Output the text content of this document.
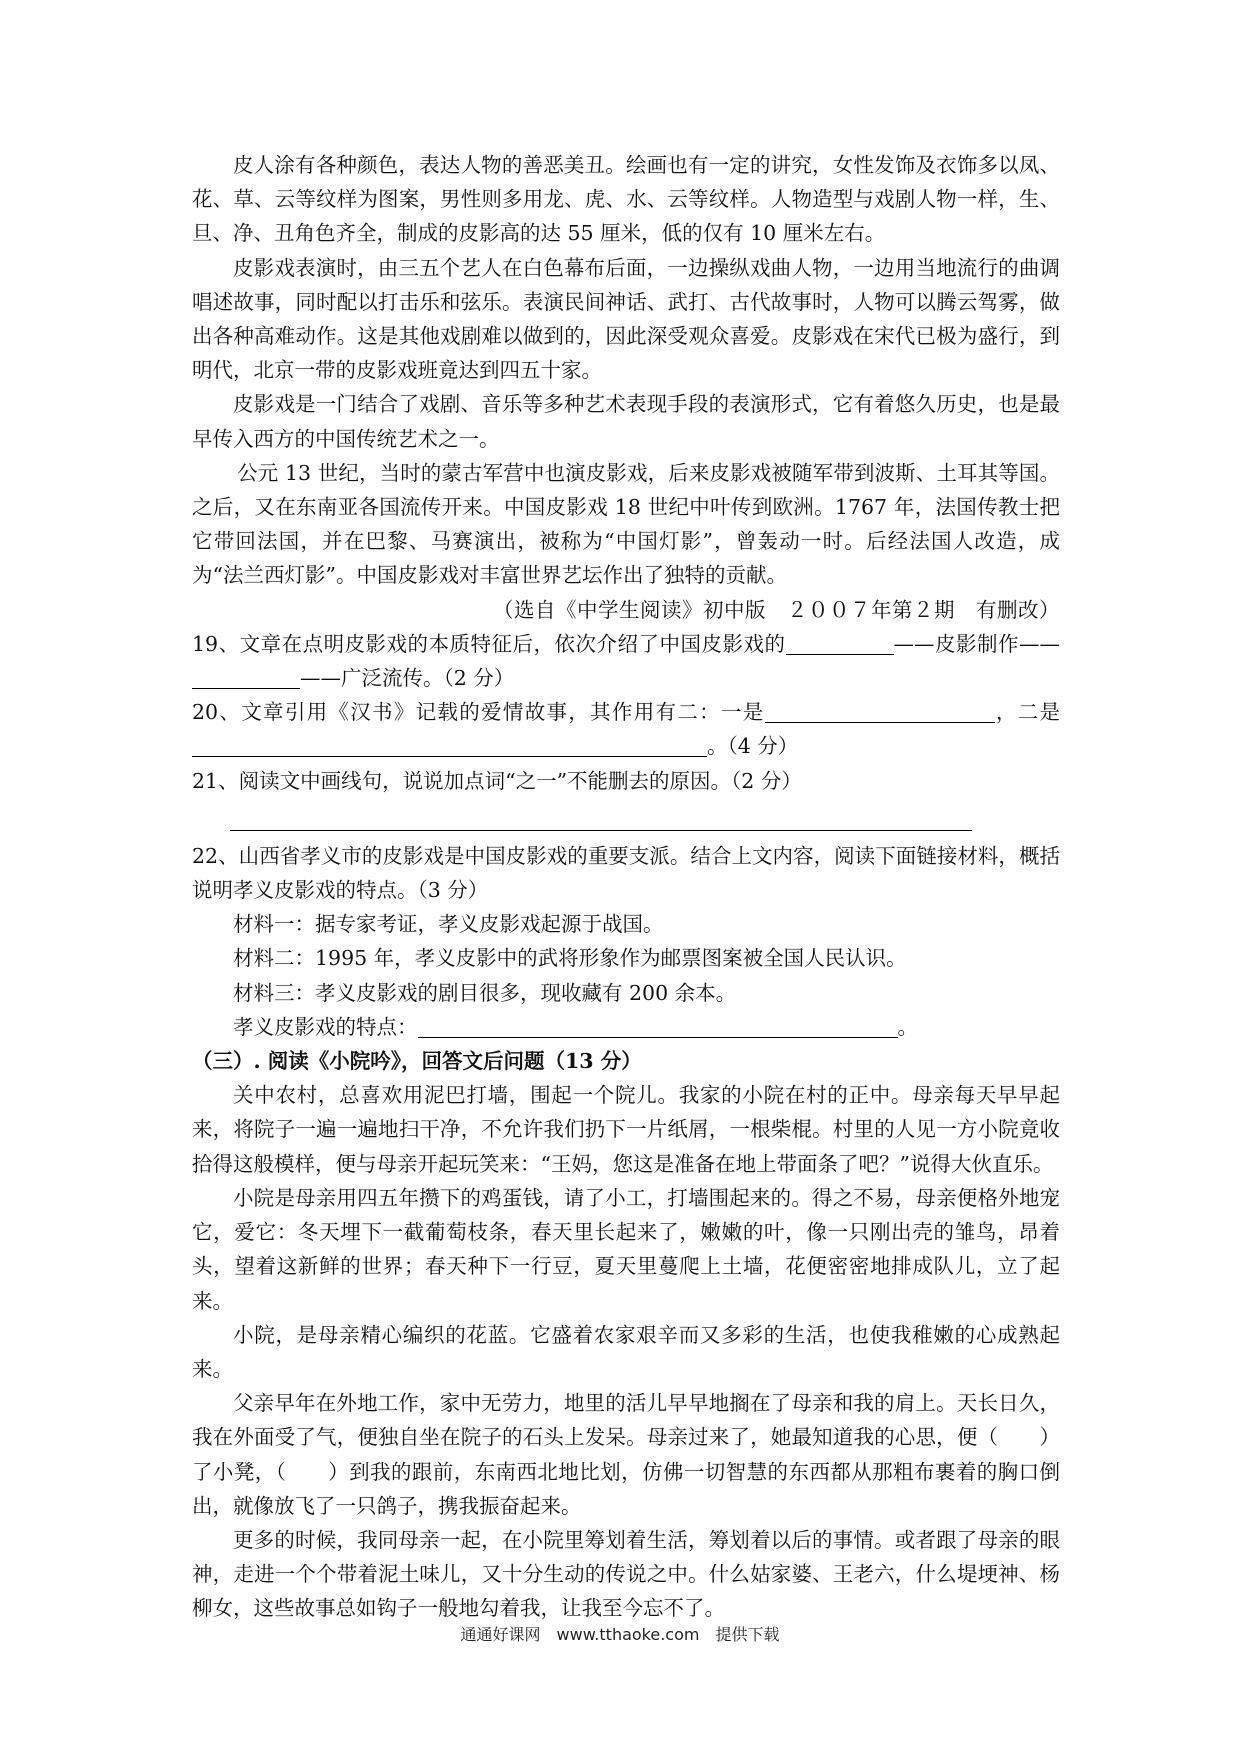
皮人涂有各种颜色，表达人物的善恶美丑。绘画也有一定的讲究，女性发饰及衣饰多以凤、花、草、云等纹样为图案，男性则多用龙、虎、水、云等纹样。人物造型与戏剧人物一样，生、旦、净、丑角色齐全，制成的皮影高的达 55 厘米，低的仅有 10 厘米左右。

皮影戏表演时，由三五个艺人在白色幕布后面，一边操纵戏曲人物，一边用当地流行的曲调唱述故事，同时配以打击乐和弦乐。表演民间神话、武打、古代故事时，人物可以腾云驾雾，做出各种高难动作。这是其他戏剧难以做到的，因此深受观众喜爱。皮影戏在宋代已极为盛行，到明代，北京一带的皮影戏班竟达到四五十家。

皮影戏是一门结合了戏剧、音乐等多种艺术表现手段的表演形式，它有着悠久历史，也是最早传入西方的中国传统艺术之一。

公元 13 世纪，当时的蒙古军营中也演皮影戏，后来皮影戏被随军带到波斯、土耳其等国。之后，又在东南亚各国流传开来。中国皮影戏 18 世纪中叶传到欧洲。1767 年，法国传教士把它带回法国，并在巴黎、马赛演出，被称为“中国灯影”，曾轰动一时。后经法国人改造，成为“法兰西灯影”。中国皮影戏对丰富世界艺坛作出了独特的贡献。

（选自《中学生阅读》初中版　２００７年第２期　有删改）

19、文章在点明皮影戏的本质特征后，依次介绍了中国皮影戏的	——皮影制作————广泛流传。（2 分）

20、文章引用《汉书》记载的爱情故事，其作用有二：一是	，二是。（4 分）

21、阅读文中画线句，说说加点词“之一”不能删去的原因。（2 分）

22、山西省孝义市的皮影戏是中国皮影戏的重要支派。结合上文内容，阅读下面链接材料，概括说明孝义皮影戏的特点。（3 分）

材料一：据专家考证，孝义皮影戏起源于战国。

材料二：1995 年，孝义皮影中的武将形象作为邮票图案被全国人民认识。

材料三：孝义皮影戏的剧目很多，现收藏有 200 余本。

孝义皮影戏的特点：	。

（三）. 阅读《小院吟》，回答文后问题（13 分）

关中农村，总喜欢用泥巴打墙，围起一个院儿。我家的小院在村的正中。母亲每天早早起来，将院子一遍一遍地扫干净，不允许我们扔下一片纸屑，一根柴棍。村里的人见一方小院竟收拾得这般模样，便与母亲开起玩笑来：“王妈，您这是准备在地上带面条了吧？”说得大伙直乐。

小院是母亲用四五年攒下的鸡蛋钱，请了小工，打墙围起来的。得之不易，母亲便格外地宠它，爱它：冬天埋下一截葡萄枝条，春天里长起来了，嫩嫩的叶，像一只刚出壳的雏鸟，昂着头，望着这新鲜的世界；春天种下一行豆，夏天里蔓爬上土墙，花便密密地排成队儿，立了起来。

小院，是母亲精心编织的花蓝。它盛着农家艰辛而又多彩的生活，也使我稚嫩的心成熟起来。

父亲早年在外地工作，家中无劳力，地里的活儿早早地搁在了母亲和我的肩上。天长日久，我在外面受了气，便独自坐在院子的石头上发呆。母亲过来了，她最知道我的心思，便（　　）了小凳，（　　）到我的跟前，东南西北地比划，仿佛一切智慧的东西都从那粗布裹着的胸口倒出，就像放飞了一只鸽子，携我振奋起来。

更多的时候，我同母亲一起，在小院里筹划着生活，筹划着以后的事情。或者跟了母亲的眼神，走进一个个带着泥土味儿，又十分生动的传说之中。什么姑家婆、王老六，什么堤埂神、杨柳女，这些故事总如钩子一般地勾着我，让我至今忘不了。

通通好课网　www.tthaoke.com　提供下载
